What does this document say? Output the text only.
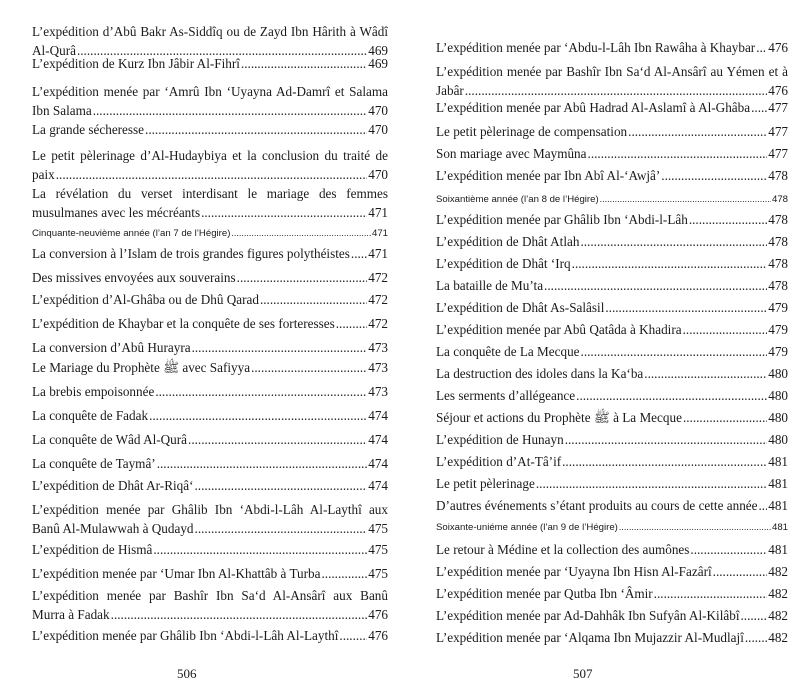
L’expédition d’Abû Bakr As-Siddîq ou de Zayd Ibn Hârith à Wâdî
Al-Qurâ .....	469
L’expédition de Kurz Ibn Jâbir Al-Fihrî .....	469
L’expédition menée par ‘Amrû Ibn ‘Uyayna Ad-Damrî et Salama
Ibn Salama .....	470
La grande sécheresse .....	470
Le petit pèlerinage d’Al-Hudaybiya et la conclusion du traité de
paix .....	470
La révélation du verset interdisant le mariage des femmes
musulmanes avec les mécréants .....	471
Cinquante-neuvième année (l’an 7 de l’Hégire) .....	471
La conversion à l’Islam de trois grandes figures polythéistes ..... 471
Des missives envoyées aux souverains .....	472
L’expédition d’Al-Ghâba ou de Dhû Qarad .....	472
L’expédition de Khaybar et la conquête de ses forteresses .....	472
La conversion d’Abû Hurayra .....	473
Le Mariage du Prophète ﷺ avec Safiyya .....	473
La brebis empoisonnée .....	473
La conquête de Fadak .....	474
La conquête de Wâd Al-Qurâ .....	474
La conquête de Taymâ’ .....	474
L’expédition de Dhât Ar-Riqâ‘ .....	474
L’expédition menée par Ghâlib Ibn ‘Abdi-l-Lâh Al-Laythî aux
Banû Al-Mulawwah à Qudayd .....	475
L’expédition de Hismâ .....	475
L’expédition menée par ‘Umar Ibn Al-Khattâb à Turba .....	475
L’expédition menée par Bashîr Ibn Sa‘d Al-Ansârî aux Banû
Murra à Fadak .....	476
L’expédition menée par Ghâlib Ibn ‘Abdi-l-Lâh Al-Laythî ..... 476
506
L’expédition menée par ‘Abdu-l-Lâh Ibn Rawâha à Khaybar ..... 476
L’expédition menée par Bashîr Ibn Sa‘d Al-Ansârî au Yémen et à
Jabâr .....	476
L’expédition menée par Abû Hadrad Al-Aslamî à Al-Ghâba ..... 477
Le petit pèlerinage de compensation .....	477
Son mariage avec Maymûna .....	477
L’expédition menée par Ibn Abî Al-‘Awjâ’ .....	478
Soixantième année (l’an 8 de l’Hégire) .....	478
L’expédition menée par Ghâlib Ibn ‘Abdi-l-Lâh .....	478
L’expédition de Dhât Atlah .....	478
L’expédition de Dhât ‘Irq .....	478
La bataille de Mu’ta .....	478
L’expédition de Dhât As-Salâsil .....	479
L’expédition menée par Abû Qatâda à Khadira .....	479
La conquête de La Mecque .....	479
La destruction des idoles dans la Ka‘ba .....	480
Les serments d’allégeance .....	480
Séjour et actions du Prophète ﷺ à La Mecque .....	480
L’expédition de Hunayn .....	480
L’expédition d’At-Tâ’if .....	481
Le petit pèlerinage .....	481
D’autres événements s’étant produits au cours de cette année ..... 481
Soixante-uniéme année (l’an 9 de l’Hégire) .....	481
Le retour à Médine et la collection des aumônes .....	481
L’expédition menée par ‘Uyayna Ibn Hisn Al-Fazârî .....	482
L’expédition menée par Qutba Ibn ‘Âmir .....	482
L’expédition menée par Ad-Dahhâk Ibn Sufyân Al-Kilâbî ..... 482
L’expédition menée par ‘Alqama Ibn Mujazzir Al-Mudlajî ..... 482
507
